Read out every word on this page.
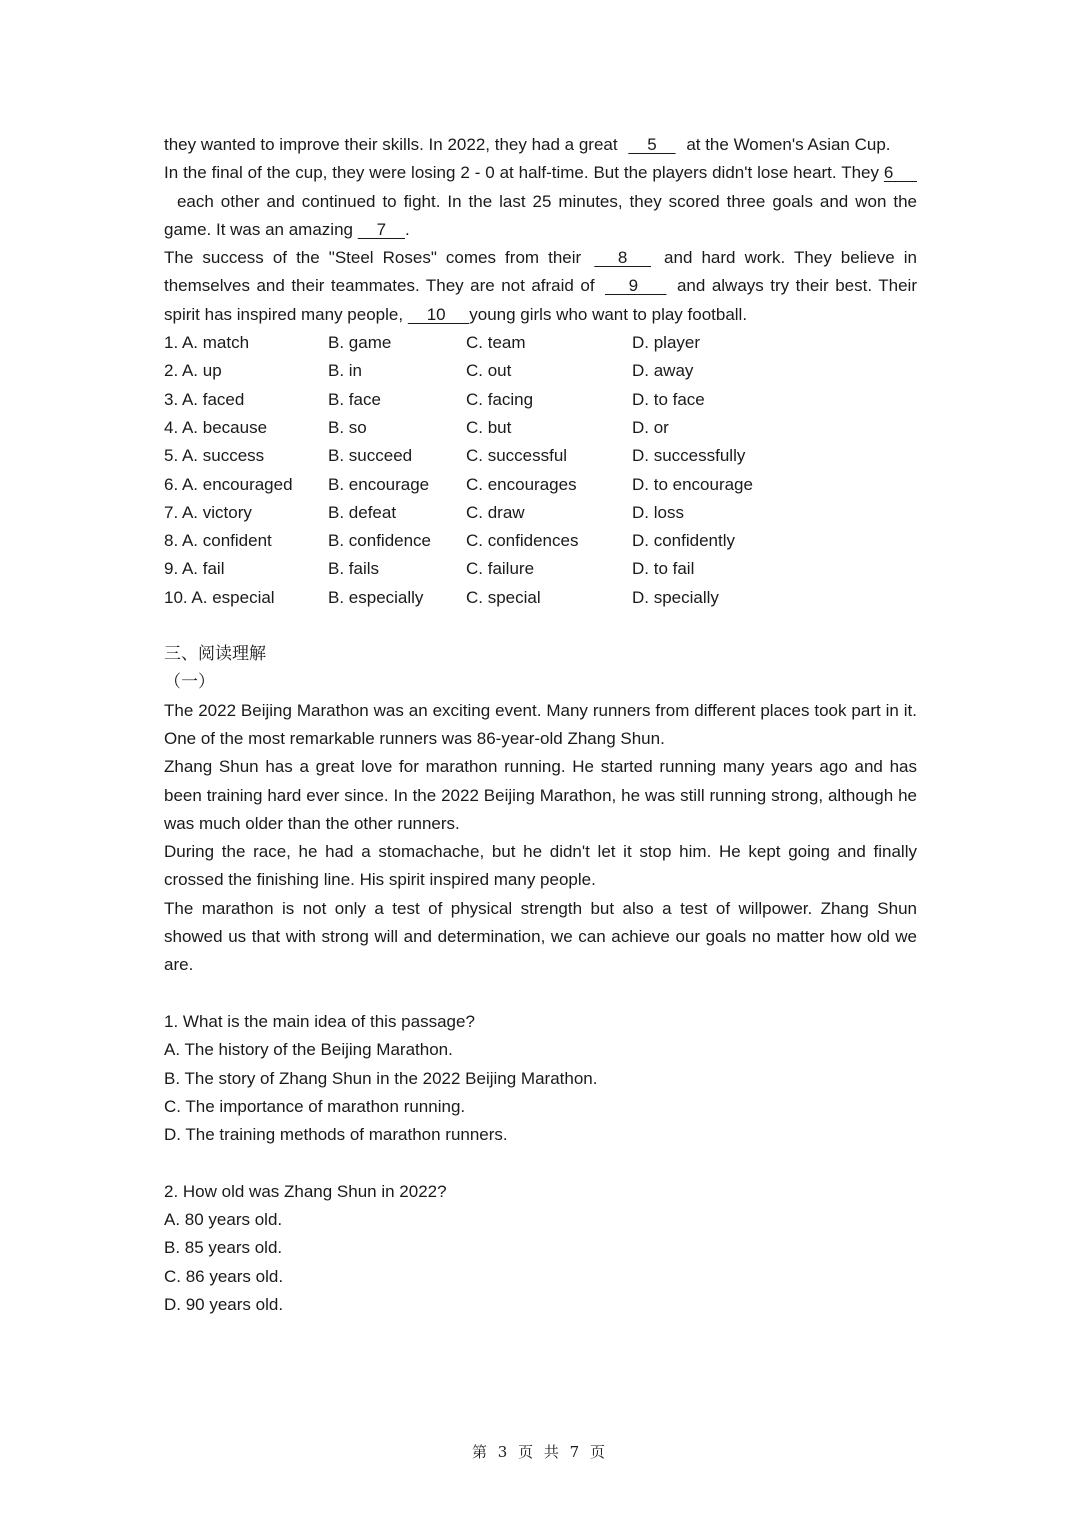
they wanted to improve their skills. In 2022, they had a great     5     at the Women's Asian Cup.

In the final of the cup, they were losing 2 - 0 at half-time. But the players didn't lose heart. They 6      each other and continued to fight. In the last 25 minutes, they scored three goals and won the game. It was an amazing     7    .

The success of the "Steel Roses" comes from their      8      and hard work. They believe in themselves and their teammates. They are not afraid of      9       and always try their best. Their spirit has inspired many people,     10     young girls who want to play football.

1. A. match	B. game	C. team	D. player
2. A. up	B. in	C. out	D. away
3. A. faced	B. face	C. facing	D. to face
4. A. because	B. so	C. but	D. or
5. A. success	B. succeed	C. successful	D. successfully
6. A. encouraged	B. encourage	C. encourages	D. to encourage
7. A. victory	B. defeat	C. draw	D. loss
8. A. confident	B. confidence	C. confidences	D. confidently
9. A. fail	B. fails	C. failure	D. to fail
10. A. especial	B. especially	C. special	D. specially
三、阅读理解
（一）

The 2022 Beijing Marathon was an exciting event. Many runners from different places took part in it. One of the most remarkable runners was 86-year-old Zhang Shun.

Zhang Shun has a great love for marathon running. He started running many years ago and has been training hard ever since. In the 2022 Beijing Marathon, he was still running strong, although he was much older than the other runners.

During the race, he had a stomachache, but he didn't let it stop him. He kept going and finally crossed the finishing line. His spirit inspired many people.

The marathon is not only a test of physical strength but also a test of willpower. Zhang Shun showed us that with strong will and determination, we can achieve our goals no matter how old we are.

1. What is the main idea of this passage?
A. The history of the Beijing Marathon.
B. The story of Zhang Shun in the 2022 Beijing Marathon.
C. The importance of marathon running.
D. The training methods of marathon runners.
2. How old was Zhang Shun in 2022?
A. 80 years old.
B. 85 years old.
C. 86 years old.
D. 90 years old.
第 3 页 共 7 页
